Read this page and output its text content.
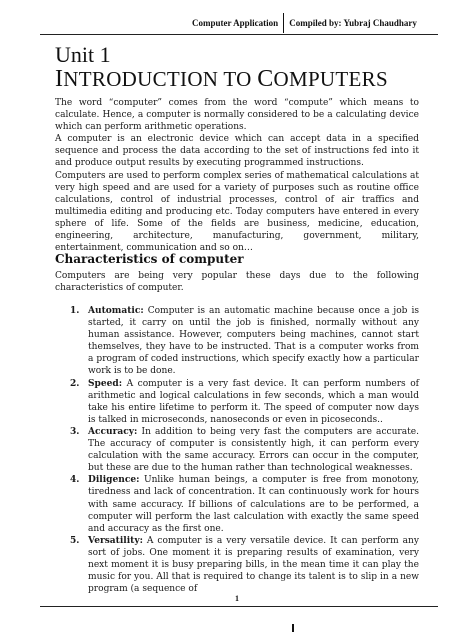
Computer Application Compiled by: Yubraj Chaudhary
Unit 1
INTRODUCTION TO COMPUTERS

The word “computer” comes from the word “compute” which means to calculate. Hence, a computer is normally considered to be a calculating device which can perform arithmetic operations.

A computer is an electronic device which can accept data in a specified sequence and process the data according to the set of instructions fed into it and produce output results by executing programmed instructions.

Computers are used to perform complex series of mathematical calculations at very high speed and are used for a variety of purposes such as routine office calculations, control of industrial processes, control of air traffics and multimedia editing and producing etc. Today computers have entered in every sphere of life. Some of the fields are business, medicine, education, engineering, architecture, manufacturing, government, military, entertainment, communication and so on…

Characteristics of computer
Computers are being very popular these days due to the following characteristics of computer.
1. Automatic: Computer is an automatic machine because once a job is started, it carry on until the job is finished, normally without any human assistance. However, computers being machines, cannot start themselves, they have to be instructed. That is a computer works from a program of coded instructions, which specify exactly how a particular work is to be done.
2. Speed: A computer is a very fast device. It can perform numbers of arithmetic and logical calculations in few seconds, which a man would take his entire lifetime to perform it. The speed of computer now days is talked in microseconds, nanoseconds or even in picoseconds..
3. Accuracy: In addition to being very fast the computers are accurate. The accuracy of computer is consistently high, it can perform every calculation with the same accuracy. Errors can occur in the computer, but these are due to the human rather than technological weaknesses.
4. Diligence: Unlike human beings, a computer is free from monotony, tiredness and lack of concentration. It can continuously work for hours with same accuracy. If billions of calculations are to be performed, a computer will perform the last calculation with exactly the same speed and accuracy as the first one.
5. Versatility: A computer is a very versatile device. It can perform any sort of jobs. One moment it is preparing results of examination, very next moment it is busy preparing bills, in the mean time it can play the music for you. All that is required to change its talent is to slip in a new program (a sequence of
1
